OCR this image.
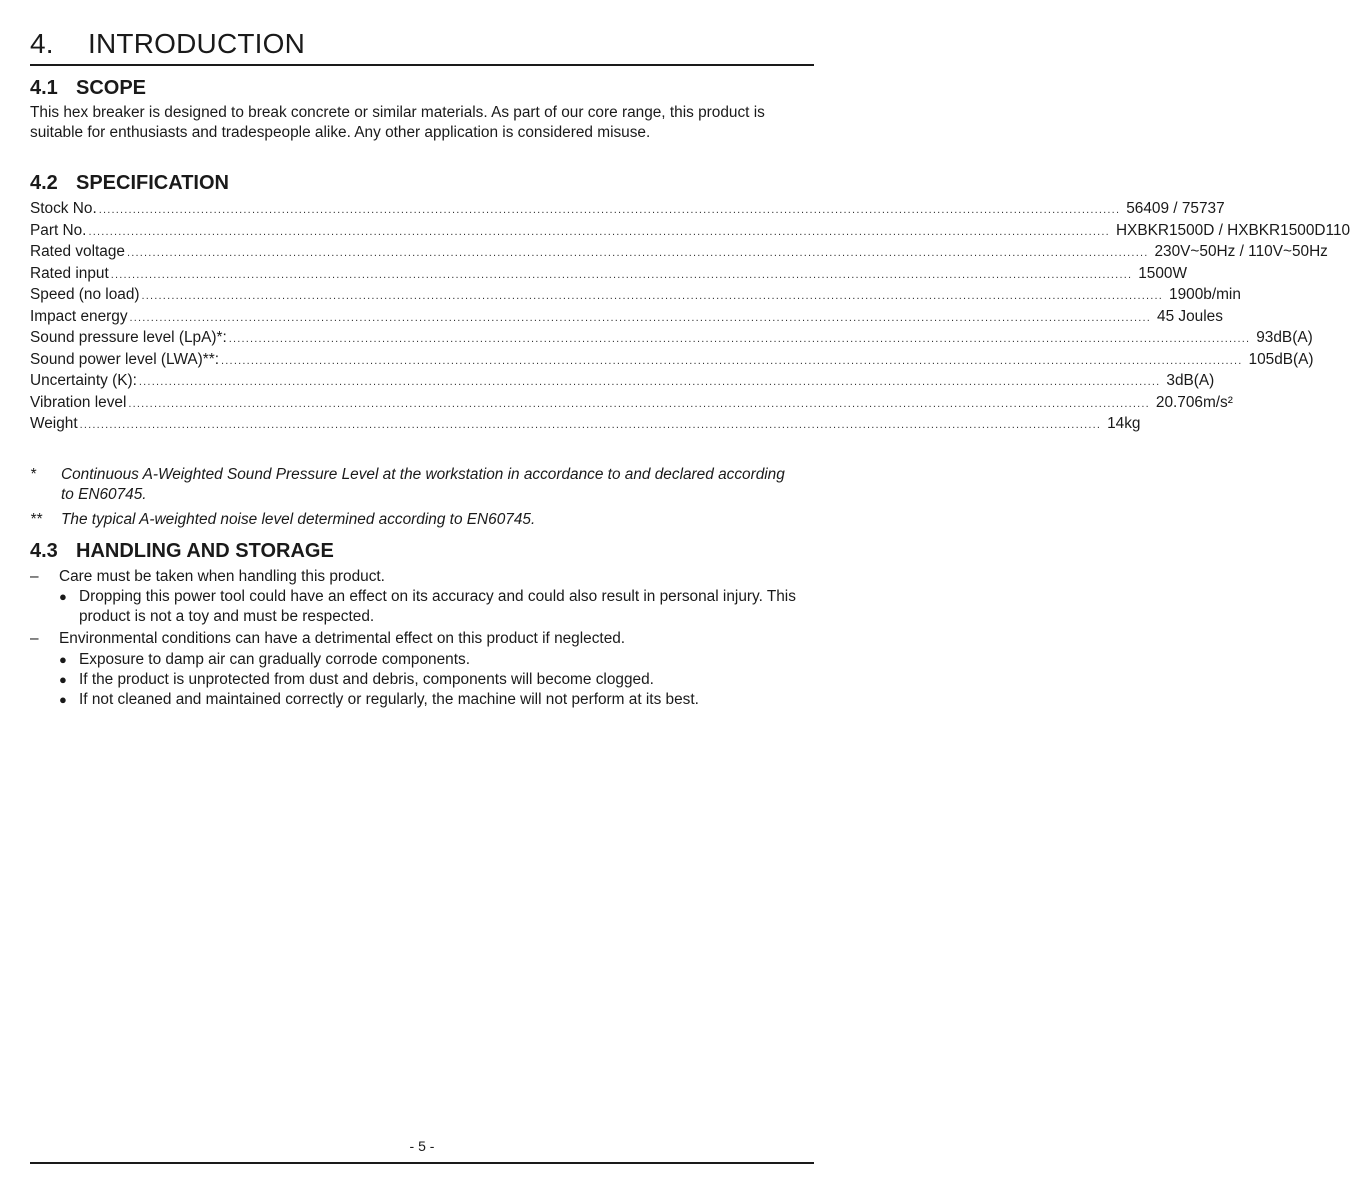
4. INTRODUCTION
4.1 SCOPE
This hex breaker is designed to break concrete or similar materials. As part of our core range, this product is suitable for enthusiasts and tradespeople alike. Any other application is considered misuse.
4.2 SPECIFICATION
Stock No. ................................................................................................................................................................................................................................................ 56409 / 75737
Part No. ................................................................................................................................................................................................................................................ HXBKR1500D / HXBKR1500D110
Rated voltage ................................................................................................................................................................................................................................................ 230V~50Hz / 110V~50Hz
Rated input ................................................................................................................................................................................................................................................ 1500W
Speed (no load) ................................................................................................................................................................................................................................................ 1900b/min
Impact energy ................................................................................................................................................................................................................................................ 45 Joules
Sound pressure level (LpA)*: ................................................................................................................................................................................................................................................ 93dB(A)
Sound power level (LWA)**: ................................................................................................................................................................................................................................................ 105dB(A)
Uncertainty (K): ................................................................................................................................................................................................................................................ 3dB(A)
Vibration level ................................................................................................................................................................................................................................................ 20.706m/s²
Weight ................................................................................................................................................................................................................................................ 14kg
*	Continuous A-Weighted Sound Pressure Level at the workstation in accordance to and declared according to EN60745.
**	The typical A-weighted noise level determined according to EN60745.
4.3 HANDLING AND STORAGE
–	Care must be taken when handling this product.
● Dropping this power tool could have an effect on its accuracy and could also result in personal injury. This product is not a toy and must be respected.
–	Environmental conditions can have a detrimental effect on this product if neglected.
● Exposure to damp air can gradually corrode components.
● If the product is unprotected from dust and debris, components will become clogged.
● If not cleaned and maintained correctly or regularly, the machine will not perform at its best.
- 5 -
